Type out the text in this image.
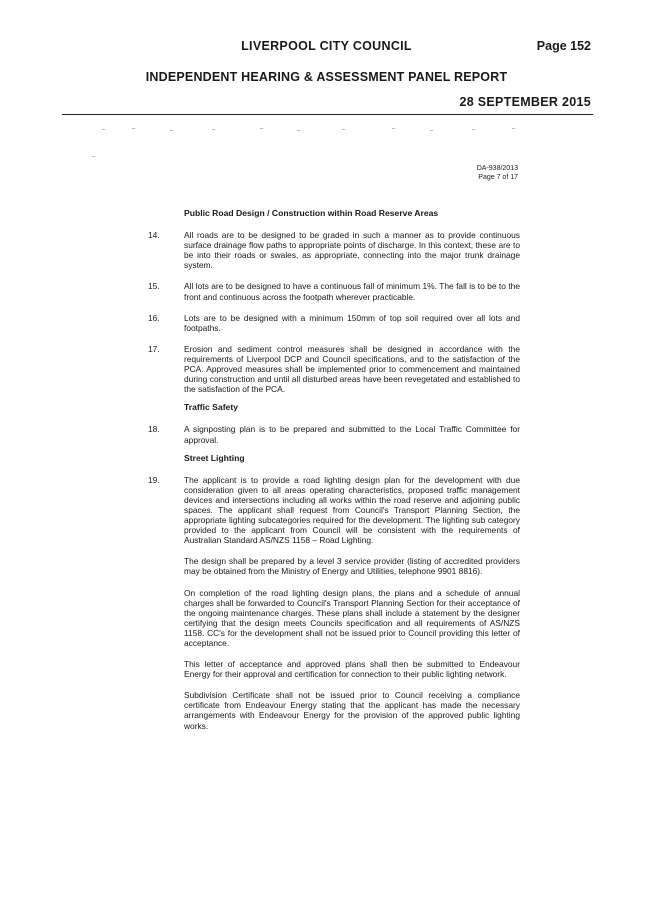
LIVERPOOL CITY COUNCIL	Page 152
INDEPENDENT HEARING & ASSESSMENT PANEL REPORT
28 SEPTEMBER 2015
DA-938/2013
Page 7 of 17
Public Road Design / Construction within Road Reserve Areas
14.	All roads are to be designed to be graded in such a manner as to provide continuous surface drainage flow paths to appropriate points of discharge. In this context, these are to be into their roads or swales, as appropriate, connecting into the major trunk drainage system.
15.	All lots are to be designed to have a continuous fall of minimum 1%. The fall is to be to the front and continuous across the footpath wherever practicable.
16.	Lots are to be designed with a minimum 150mm of top soil required over all lots and footpaths.
17.	Erosion and sediment control measures shall be designed in accordance with the requirements of Liverpool DCP and Council specifications, and to the satisfaction of the PCA. Approved measures shall be implemented prior to commencement and maintained during construction and until all disturbed areas have been revegetated and established to the satisfaction of the PCA.
Traffic Safety
18.	A signposting plan is to be prepared and submitted to the Local Traffic Committee for approval.
Street Lighting
19.	The applicant is to provide a road lighting design plan for the development with due consideration given to all areas operating characteristics, proposed traffic management devices and intersections including all works within the road reserve and adjoining public spaces. The applicant shall request from Council's Transport Planning Section, the appropriate lighting subcategories required for the development. The lighting sub category provided to the applicant from Council will be consistent with the requirements of Australian Standard AS/NZS 1158 – Road Lighting.
The design shall be prepared by a level 3 service provider (listing of accredited providers may be obtained from the Ministry of Energy and Utilities, telephone 9901 8816).
On completion of the road lighting design plans, the plans and a schedule of annual charges shall be forwarded to Council's Transport Planning Section for their acceptance of the ongoing maintenance charges. These plans shall include a statement by the designer certifying that the design meets Councils specification and all requirements of AS/NZS 1158. CC's for the development shall not be issued prior to Council providing this letter of acceptance.
This letter of acceptance and approved plans shall then be submitted to Endeavour Energy for their approval and certification for connection to their public lighting network.
Subdivision Certificate shall not be issued prior to Council receiving a compliance certificate from Endeavour Energy stating that the applicant has made the necessary arrangements with Endeavour Energy for the provision of the approved public lighting works.
